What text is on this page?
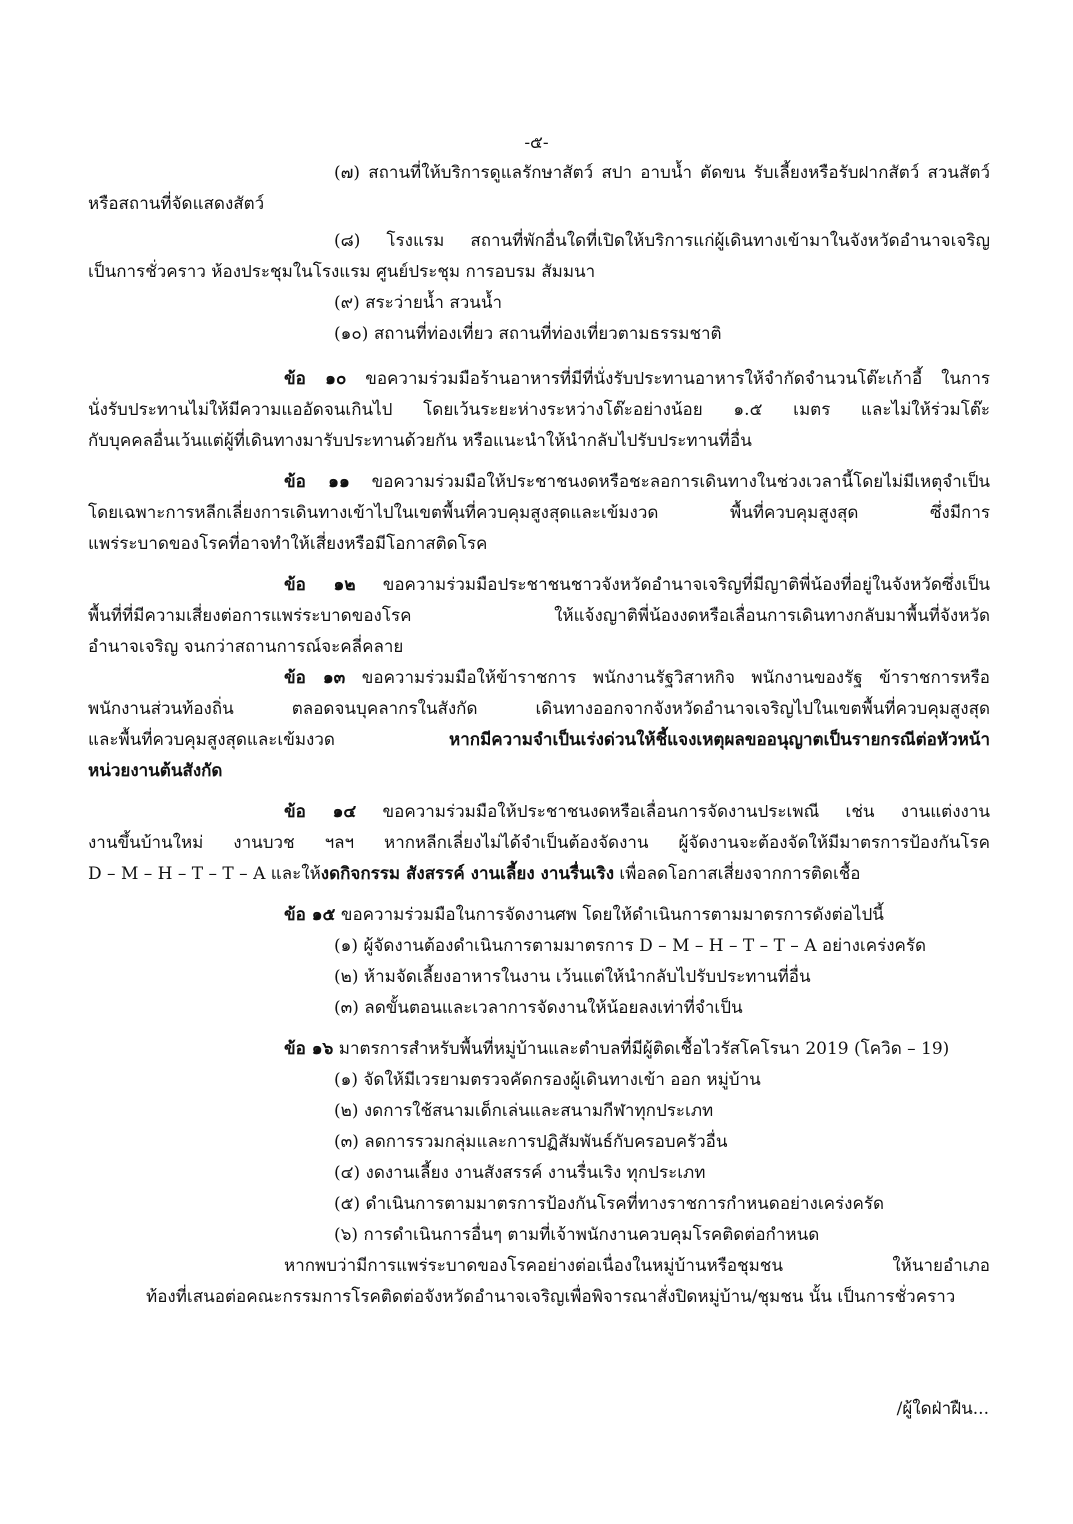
-๕-
(๗) สถานที่ให้บริการดูแลรักษาสัตว์ สปา อาบน้ำ ตัดขน รับเลี้ยงหรือรับฝากสัตว์ สวนสัตว์
หรือสถานที่จัดแสดงสัตว์
(๘) โรงแรม สถานที่พักอื่นใดที่เปิดให้บริการแก่ผู้เดินทางเข้ามาในจังหวัดอำนาจเจริญ
เป็นการชั่วคราว ห้องประชุมในโรงแรม ศูนย์ประชุม การอบรม สัมมนา
(๙) สระว่ายน้ำ สวนน้ำ
(๑๐) สถานที่ท่องเที่ยว สถานที่ท่องเที่ยวตามธรรมชาติ
ข้อ ๑๐ ขอความร่วมมือร้านอาหารที่มีที่นั่งรับประทานอาหารให้จำกัดจำนวนโต๊ะเก้าอี้ ในการ
นั่งรับประทานไม่ให้มีความแออัดจนเกินไป โดยเว้นระยะห่างระหว่างโต๊ะอย่างน้อย ๑.๕ เมตร และไม่ให้ร่วมโต๊ะ
กับบุคคลอื่นเว้นแต่ผู้ที่เดินทางมารับประทานด้วยกัน หรือแนะนำให้นำกลับไปรับประทานที่อื่น
ข้อ ๑๑ ขอความร่วมมือให้ประชาชนงดหรือชะลอการเดินทางในช่วงเวลานี้โดยไม่มีเหตุจำเป็น
โดยเฉพาะการหลีกเลี่ยงการเดินทางเข้าไปในเขตพื้นที่ควบคุมสูงสุดและเข้มงวด พื้นที่ควบคุมสูงสุด ซึ่งมีการ
แพร่ระบาดของโรคที่อาจทำให้เสี่ยงหรือมีโอกาสติดโรค
ข้อ ๑๒ ขอความร่วมมือประชาชนชาวจังหวัดอำนาจเจริญที่มีญาติพี่น้องที่อยู่ในจังหวัดซึ่งเป็น
พื้นที่ที่มีความเสี่ยงต่อการแพร่ระบาดของโรค ให้แจ้งญาติพี่น้องงดหรือเลื่อนการเดินทางกลับมาพื้นที่จังหวัด
อำนาจเจริญ จนกว่าสถานการณ์จะคลี่คลาย
ข้อ ๑๓ ขอความร่วมมือให้ข้าราชการ พนักงานรัฐวิสาหกิจ พนักงานของรัฐ ข้าราชการหรือ
พนักงานส่วนท้องถิ่น ตลอดจนบุคลากรในสังกัด เดินทางออกจากจังหวัดอำนาจเจริญไปในเขตพื้นที่ควบคุมสูงสุด
และพื้นที่ควบคุมสูงสุดและเข้มงวด หากมีความจำเป็นเร่งด่วนให้ชี้แจงเหตุผลขออนุญาตเป็นรายกรณีต่อหัวหน้า
หน่วยงานต้นสังกัด
ข้อ ๑๔ ขอความร่วมมือให้ประชาชนงดหรือเลื่อนการจัดงานประเพณี เช่น งานแต่งงาน
งานขึ้นบ้านใหม่ งานบวช ฯลฯ หากหลีกเลี่ยงไม่ได้จำเป็นต้องจัดงาน ผู้จัดงานจะต้องจัดให้มีมาตรการป้องกันโรค
D – M – H – T – T – A และให้งดกิจกรรม สังสรรค์ งานเลี้ยง งานรื่นเริง เพื่อลดโอกาสเสี่ยงจากการติดเชื้อ
ข้อ ๑๕ ขอความร่วมมือในการจัดงานศพ โดยให้ดำเนินการตามมาตรการดังต่อไปนี้
(๑) ผู้จัดงานต้องดำเนินการตามมาตรการ D – M – H – T – T – A อย่างเคร่งครัด
(๒) ห้ามจัดเลี้ยงอาหารในงาน เว้นแต่ให้นำกลับไปรับประทานที่อื่น
(๓) ลดขั้นตอนและเวลาการจัดงานให้น้อยลงเท่าที่จำเป็น
ข้อ ๑๖ มาตรการสำหรับพื้นที่หมู่บ้านและตำบลที่มีผู้ติดเชื้อไวรัสโคโรนา 2019 (โควิด – 19)
(๑) จัดให้มีเวรยามตรวจคัดกรองผู้เดินทางเข้า ออก หมู่บ้าน
(๒) งดการใช้สนามเด็กเล่นและสนามกีฬาทุกประเภท
(๓) ลดการรวมกลุ่มและการปฏิสัมพันธ์กับครอบครัวอื่น
(๔) งดงานเลี้ยง งานสังสรรค์ งานรื่นเริง ทุกประเภท
(๕) ดำเนินการตามมาตรการป้องกันโรคที่ทางราชการกำหนดอย่างเคร่งครัด
(๖) การดำเนินการอื่นๆ ตามที่เจ้าพนักงานควบคุมโรคติดต่อกำหนด
หากพบว่ามีการแพร่ระบาดของโรคอย่างต่อเนื่องในหมู่บ้านหรือชุมชน ให้นายอำเภอ
ท้องที่เสนอต่อคณะกรรมการโรคติดต่อจังหวัดอำนาจเจริญเพื่อพิจารณาสั่งปิดหมู่บ้าน/ชุมชน นั้น เป็นการชั่วคราว
/ผู้ใดฝ่าฝืน...
